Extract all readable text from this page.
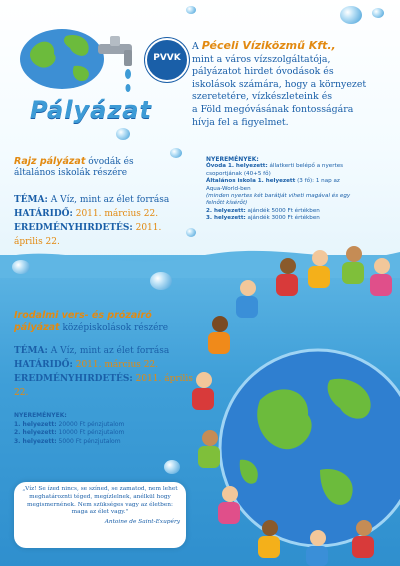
PVVK
Pályázat
A Péceli Víziközmű Kft.,
mint a város vízszolgáltatója,
pályázatot hirdet óvodások és
iskolások számára, hogy a környezet
szeretetére, vízkészleteink és
a Föld megóvásának fontosságára
hívja fel a figyelmet.
Rajz pályázat óvodák és
általános iskolák részére
TÉMA: A Víz, mint az élet forrása
HATÁRIDŐ: 2011. március 22.
EREDMÉNYHIRDETÉS: 2011. április 22.
NYEREMÉNYEK:
Óvoda 1. helyezett: állatkerti belépő a nyertes
csoportjának (40+5 fő)
Általános iskola 1. helyezett (3 fő): 1 nap az
Aqua-World-ben
(minden nyertes két barátját viheti magával és egy
felnőtt kísérőt)
2. helyezett: ajándék 5000 Ft értékben
3. helyezett: ajándék 3000 Ft értékben
Irodalmi vers- és prózaíró
pályázat középiskolások részére
TÉMA: A Víz, mint az élet forrása
HATÁRIDŐ: 2011. március 22.
EREDMÉNYHIRDETÉS: 2011. április 22.
NYEREMÉNYEK:
1. helyezett: 20000 Ft pénzjutalom
2. helyezett: 10000 Ft pénzjutalom
3. helyezett: 5000 Ft pénzjutalom
„Víz! Se ízed nincs, se színed, se zamatod, nem lehet meghatároznti téged, megízlelnek, anélkül hogy megismernének. Nem szükséges vagy az életben: maga az élet vagy."
Antoine de Saint-Exupéry
